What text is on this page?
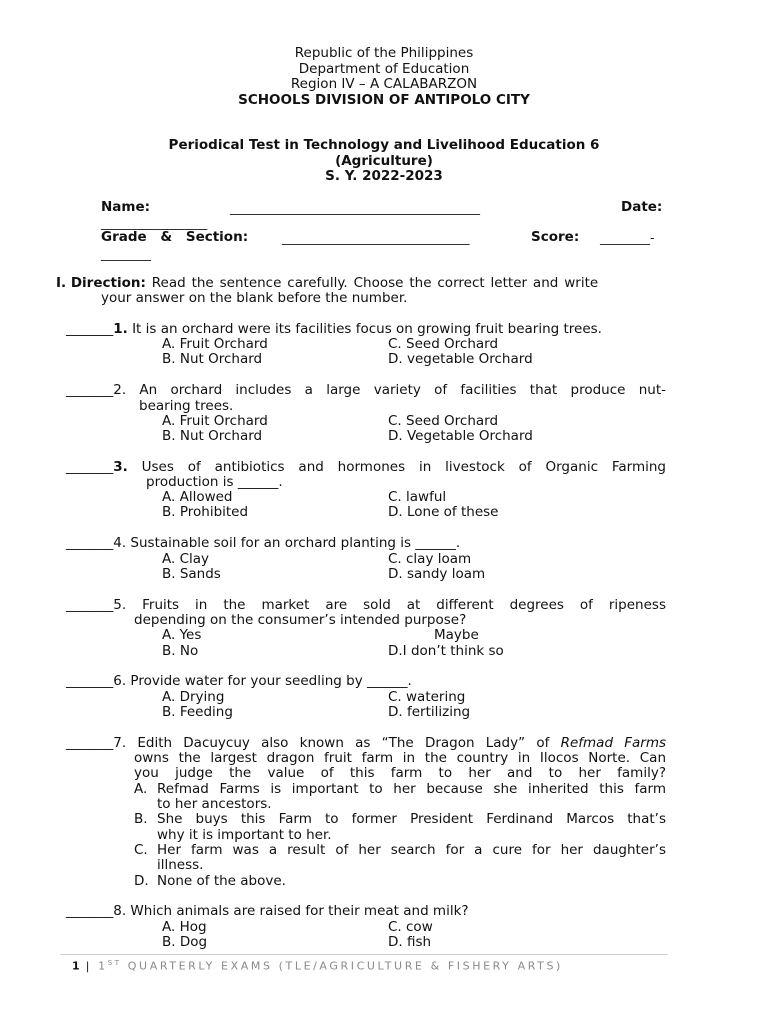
Republic of the Philippines
Department of Education
Region IV – A CALABARZON
SCHOOLS DIVISION OF ANTIPOLO CITY
Periodical Test in Technology and Livelihood Education 6
(Agriculture)
S. Y. 2022-2023
Name:	________________________________________	Date:
_________________
Grade & Section:	______________________________	Score: ________-
________
I. Direction: Read the sentence carefully. Choose the correct letter and write
your answer on the blank before the number.
_______1. It is an orchard were its facilities focus on growing fruit bearing trees.
A. Fruit Orchard	C. Seed Orchard
B. Nut Orchard	D. vegetable Orchard
_______2. An orchard includes a large variety of facilities that produce nut-
bearing trees.
A. Fruit Orchard	C. Seed Orchard
B. Nut Orchard	D. Vegetable Orchard
_______3. Uses of antibiotics and hormones in livestock of Organic Farming
production is ______.
A. Allowed	C. lawful
B. Prohibited	D. Lone of these
_______4. Sustainable soil for an orchard planting is ______.
A. Clay	C. clay loam
B. Sands	D. sandy loam
_______5. Fruits in the market are sold at different degrees of ripeness
depending on the consumer’s intended purpose?
A. Yes	Maybe
B. No	D.I don’t think so
_______6. Provide water for your seedling by ______.
A. Drying	C. watering
B. Feeding	D. fertilizing
_______7. Edith Dacuycuy also known as “The Dragon Lady” of Refmad Farms
owns the largest dragon fruit farm in the country in Ilocos Norte. Can
you judge the value of this farm to her and to her family?
A. Refmad Farms is important to her because she inherited this farm
to her ancestors.
B. She buys this Farm to former President Ferdinand Marcos that’s
why it is important to her.
C. Her farm was a result of her search for a cure for her daughter’s
illness.
D. None of the above.
_______8. Which animals are raised for their meat and milk?
A. Hog	C. cow
B. Dog	D. fish
1 | 1ST QUARTERLY EXAMS (TLE/AGRICULTURE & FISHERY ARTS)
